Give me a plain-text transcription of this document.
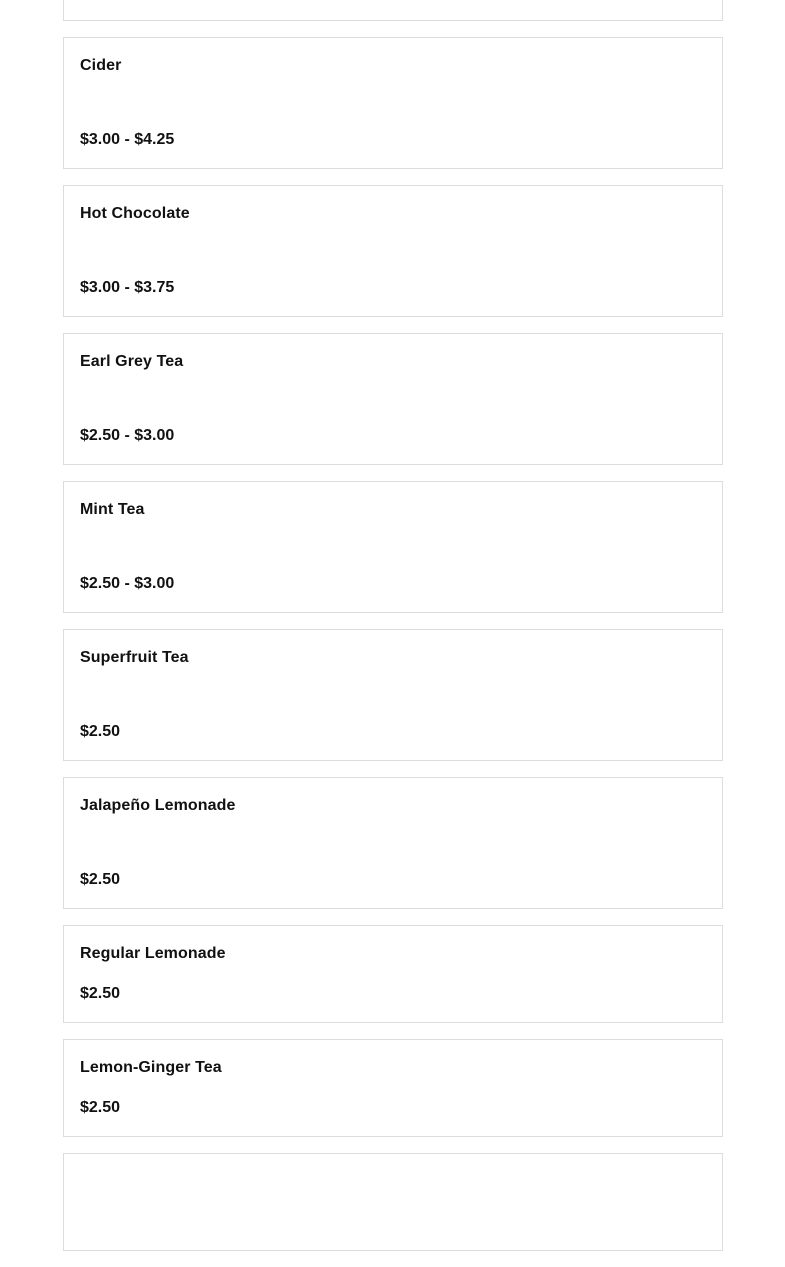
Cider
$3.00 - $4.25
Hot Chocolate
$3.00 - $3.75
Earl Grey Tea
$2.50 - $3.00
Mint Tea
$2.50 - $3.00
Superfruit Tea
$2.50
Jalapeño Lemonade
$2.50
Regular Lemonade
$2.50
Lemon-Ginger Tea
$2.50
